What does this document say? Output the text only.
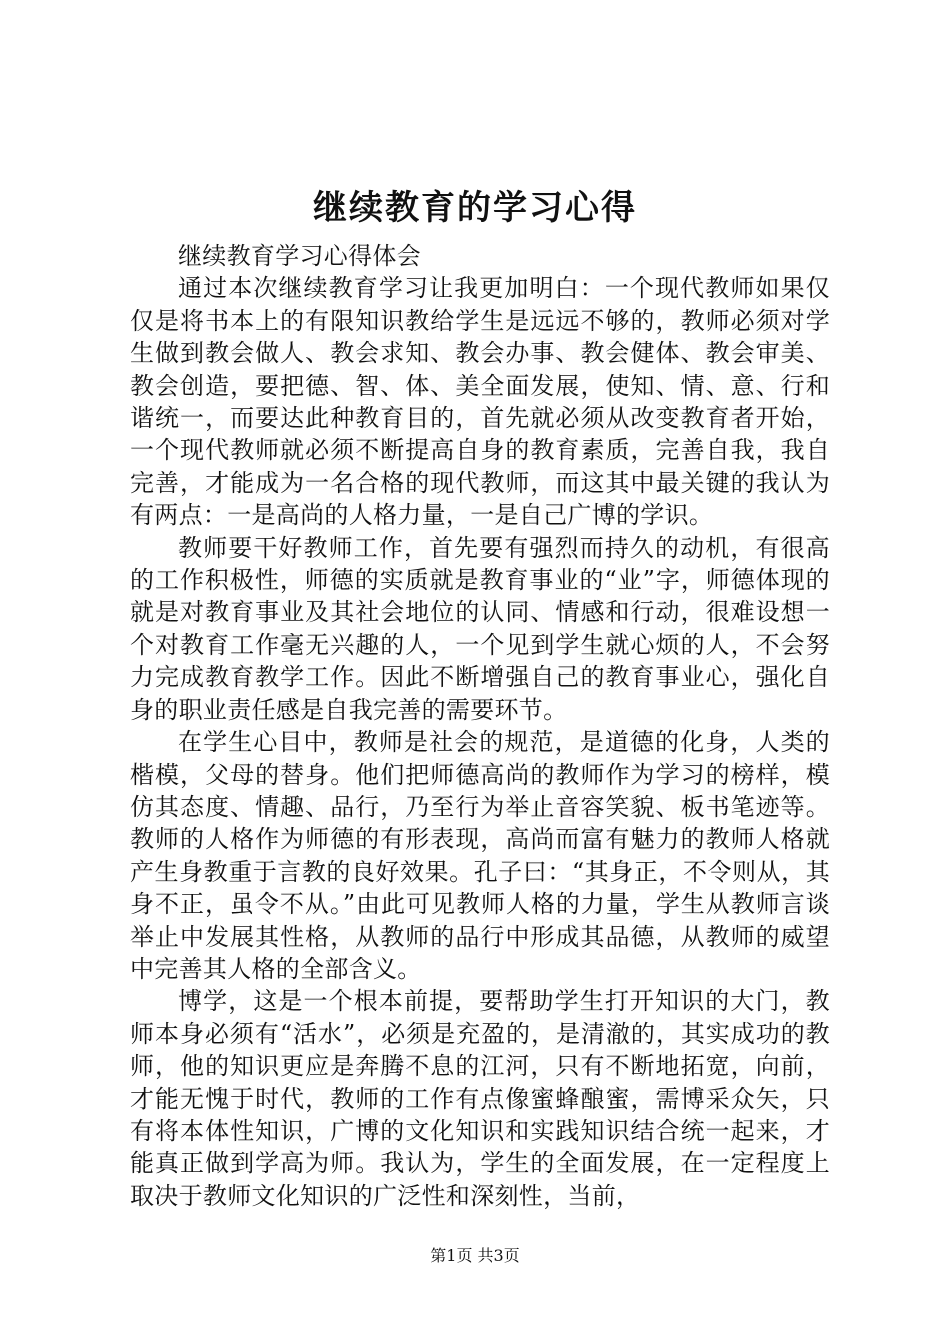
继续教育的学习心得

继续教育学习心得体会

通过本次继续教育学习让我更加明白：一个现代教师如果仅仅是将书本上的有限知识教给学生是远远不够的，教师必须对学生做到教会做人、教会求知、教会办事、教会健体、教会审美、教会创造，要把德、智、体、美全面发展，使知、情、意、行和谐统一，而要达此种教育目的，首先就必须从改变教育者开始，一个现代教师就必须不断提高自身的教育素质，完善自我，我自完善，才能成为一名合格的现代教师，而这其中最关键的我认为有两点：一是高尚的人格力量，一是自己广博的学识。

教师要干好教师工作，首先要有强烈而持久的动机，有很高的工作积极性，师德的实质就是教育事业的“业”字，师德体现的就是对教育事业及其社会地位的认同、情感和行动，很难设想一个对教育工作毫无兴趣的人，一个见到学生就心烦的人，不会努力完成教育教学工作。因此不断增强自己的教育事业心，强化自身的职业责任感是自我完善的需要环节。

在学生心目中，教师是社会的规范，是道德的化身，人类的楷模，父母的替身。他们把师德高尚的教师作为学习的榜样，模仿其态度、情趣、品行，乃至行为举止音容笑貌、板书笔迹等。教师的人格作为师德的有形表现，高尚而富有魅力的教师人格就产生身教重于言教的良好效果。孔子曰：“其身正，不令则从，其身不正，虽令不从。”由此可见教师人格的力量，学生从教师言谈举止中发展其性格，从教师的品行中形成其品德，从教师的威望中完善其人格的全部含义。

博学，这是一个根本前提，要帮助学生打开知识的大门，教师本身必须有“活水”，必须是充盈的，是清澈的，其实成功的教师，他的知识更应是奔腾不息的江河，只有不断地拓宽，向前，才能无愧于时代，教师的工作有点像蜜蜂酿蜜，需博采众矢，只有将本体性知识，广博的文化知识和实践知识结合统一起来，才能真正做到学高为师。我认为，学生的全面发展，在一定程度上取决于教师文化知识的广泛性和深刻性，当前，

第1页 共3页
